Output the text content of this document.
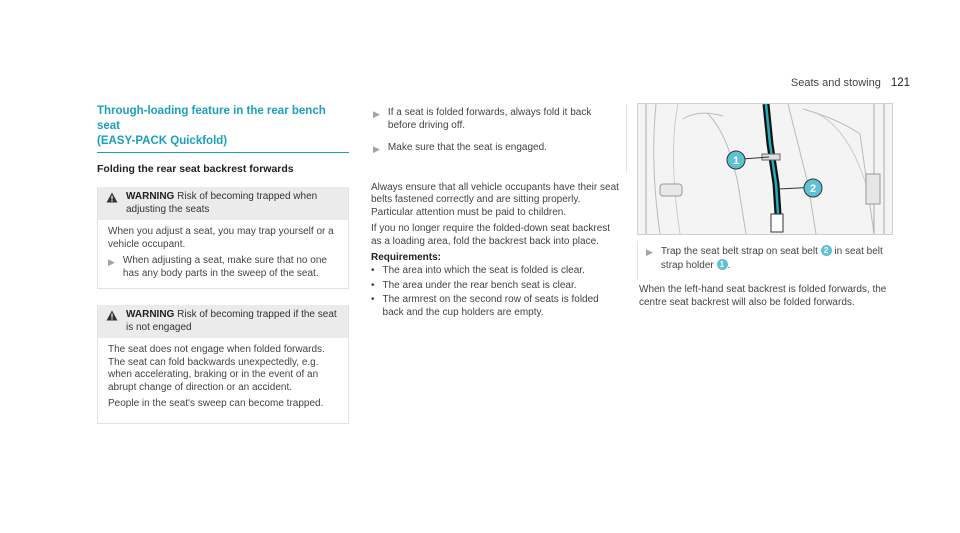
Seats and stowing 121
Through-loading feature in the rear bench seat
(EASY-PACK Quickfold)
Folding the rear seat backrest forwards
WARNING Risk of becoming trapped when adjusting the seats

When you adjust a seat, you may trap yourself or a vehicle occupant.

▶ When adjusting a seat, make sure that no one has any body parts in the sweep of the seat.
WARNING Risk of becoming trapped if the seat is not engaged

The seat does not engage when folded forwards. The seat can fold backwards unexpectedly, e.g. when accelerating, braking or in the event of an abrupt change of direction or an accident.

People in the seat's sweep can become trapped.

▶ If a seat is folded forwards, always fold it back before driving off.
▶ Make sure that the seat is engaged.

Always ensure that all vehicle occupants have their seat belts fastened correctly and are sitting properly. Particular attention must be paid to children.

If you no longer require the folded-down seat backrest as a loading area, fold the backrest back into place.

Requirements:
• The area into which the seat is folded is clear.
• The area under the rear bench seat is clear.
• The armrest on the second row of seats is folded back and the cup holders are empty.
1
2
▶ Trap the seat belt strap on seat belt 2 in seat belt strap holder 1 .

When the left-hand seat backrest is folded forwards, the centre seat backrest will also be folded forwards.
